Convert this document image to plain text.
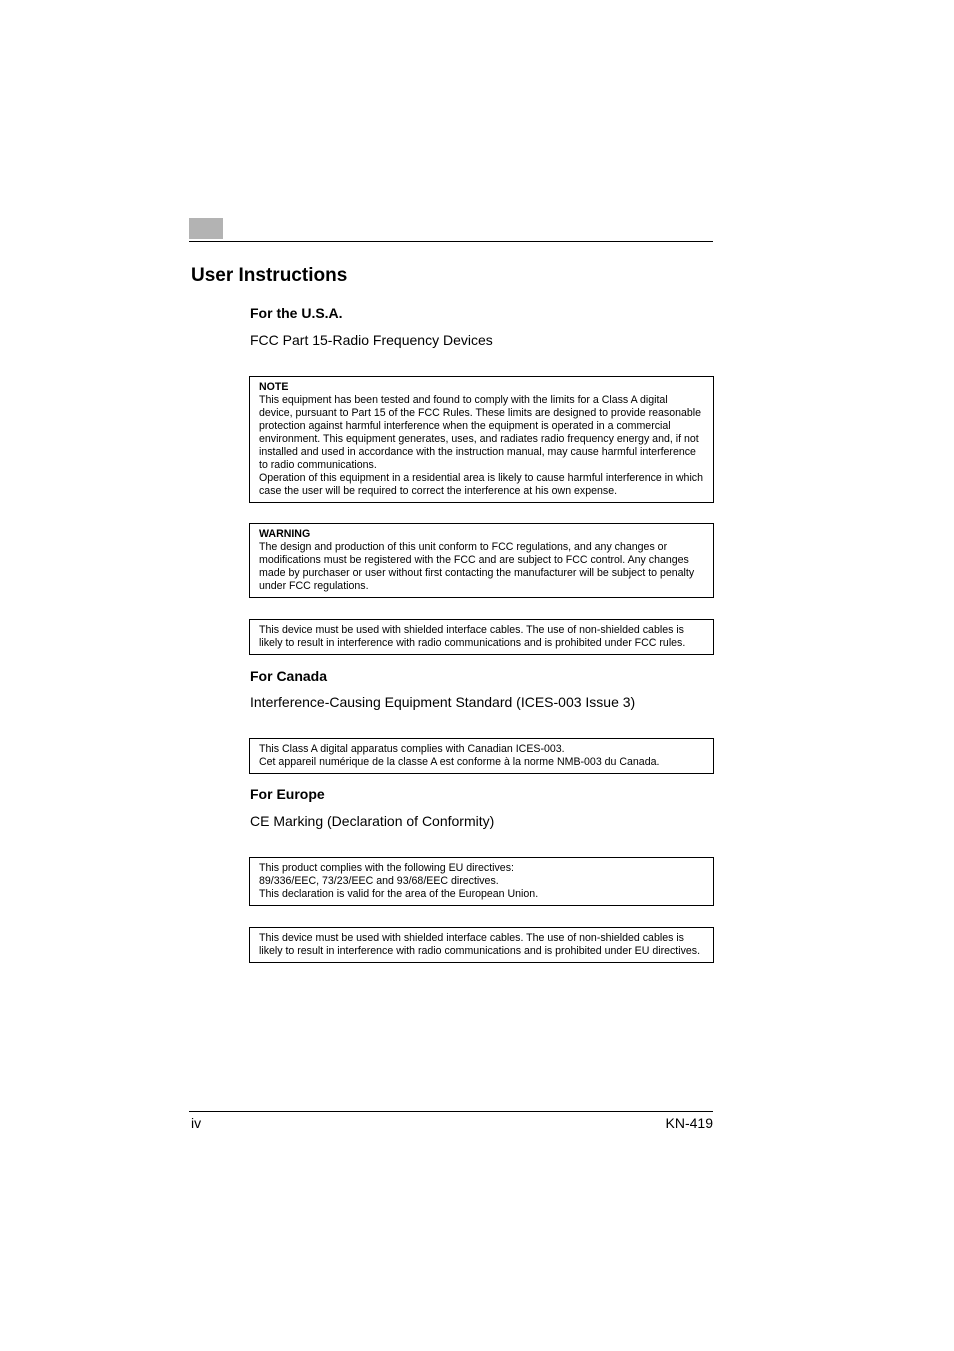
User Instructions
For the U.S.A.

FCC Part 15-Radio Frequency Devices

NOTE
This equipment has been tested and found to comply with the limits for a Class A digital device, pursuant to Part 15 of the FCC Rules. These limits are designed to provide reasonable protection against harmful interference when the equipment is operated in a commercial environment. This equipment generates, uses, and radiates radio frequency energy and, if not installed and used in accordance with the instruction manual, may cause harmful interference to radio communications.
Operation of this equipment in a residential area is likely to cause harmful interference in which case the user will be required to correct the interference at his own expense.
WARNING
The design and production of this unit conform to FCC regulations, and any changes or modifications must be registered with the FCC and are subject to FCC control. Any changes made by purchaser or user without first contacting the manufacturer will be subject to penalty under FCC regulations.
This device must be used with shielded interface cables. The use of non-shielded cables is likely to result in interference with radio communications and is prohibited under FCC rules.
For Canada

Interference-Causing Equipment Standard (ICES-003 Issue 3)

This Class A digital apparatus complies with Canadian ICES-003.
Cet appareil numérique de la classe A est conforme à la norme NMB-003 du Canada.
For Europe

CE Marking (Declaration of Conformity)

This product complies with the following EU directives:
89/336/EEC, 73/23/EEC and 93/68/EEC directives.
This declaration is valid for the area of the European Union.
This device must be used with shielded interface cables. The use of non-shielded cables is likely to result in interference with radio communications and is prohibited under EU directives.
iv	KN-419
